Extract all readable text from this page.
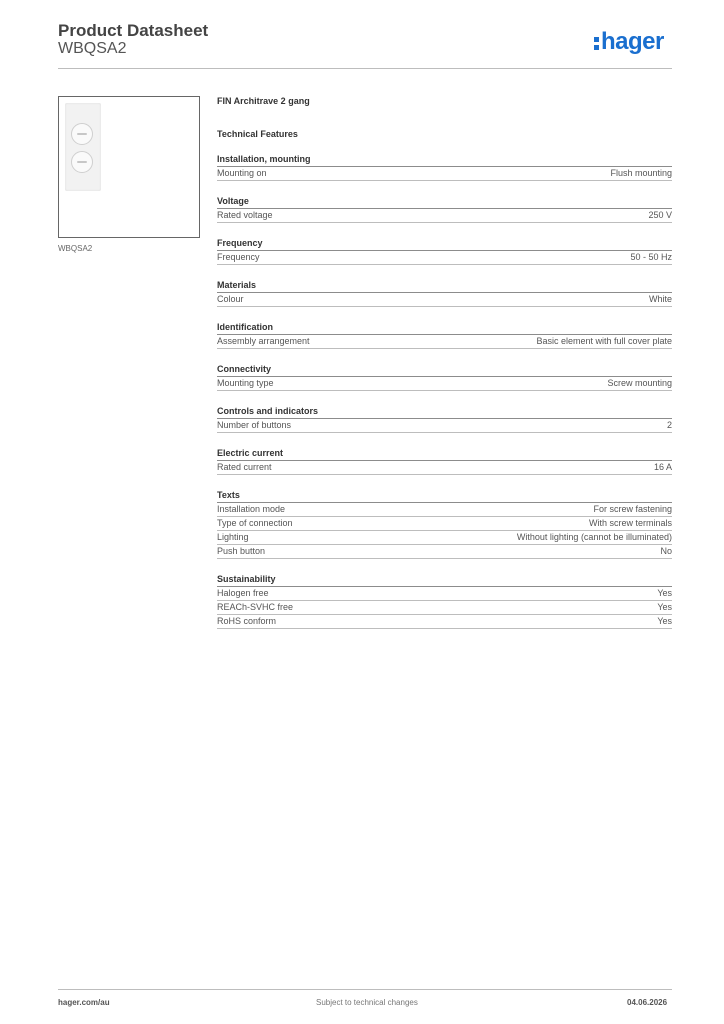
Product Datasheet
WBQSA2	hager
WBQSA2
FIN Architrave 2 gang
Technical Features
Installation, mounting
Mounting on	Flush mounting
Voltage
Rated voltage	250 V
Frequency
Frequency	50 - 50 Hz
Materials
Colour	White
Identification
Assembly arrangement	Basic element with full cover plate
Connectivity
Mounting type	Screw mounting
Controls and indicators
Number of buttons	2
Electric current
Rated current	16 A
Texts
Installation mode	For screw fastening
Type of connection	With screw terminals
Lighting	Without lighting (cannot be illuminated)
Push button	No
Sustainability
Halogen free	Yes
REACh-SVHC free	Yes
RoHS conform	Yes
hager.com/au	Subject to technical changes	04.06.2026
